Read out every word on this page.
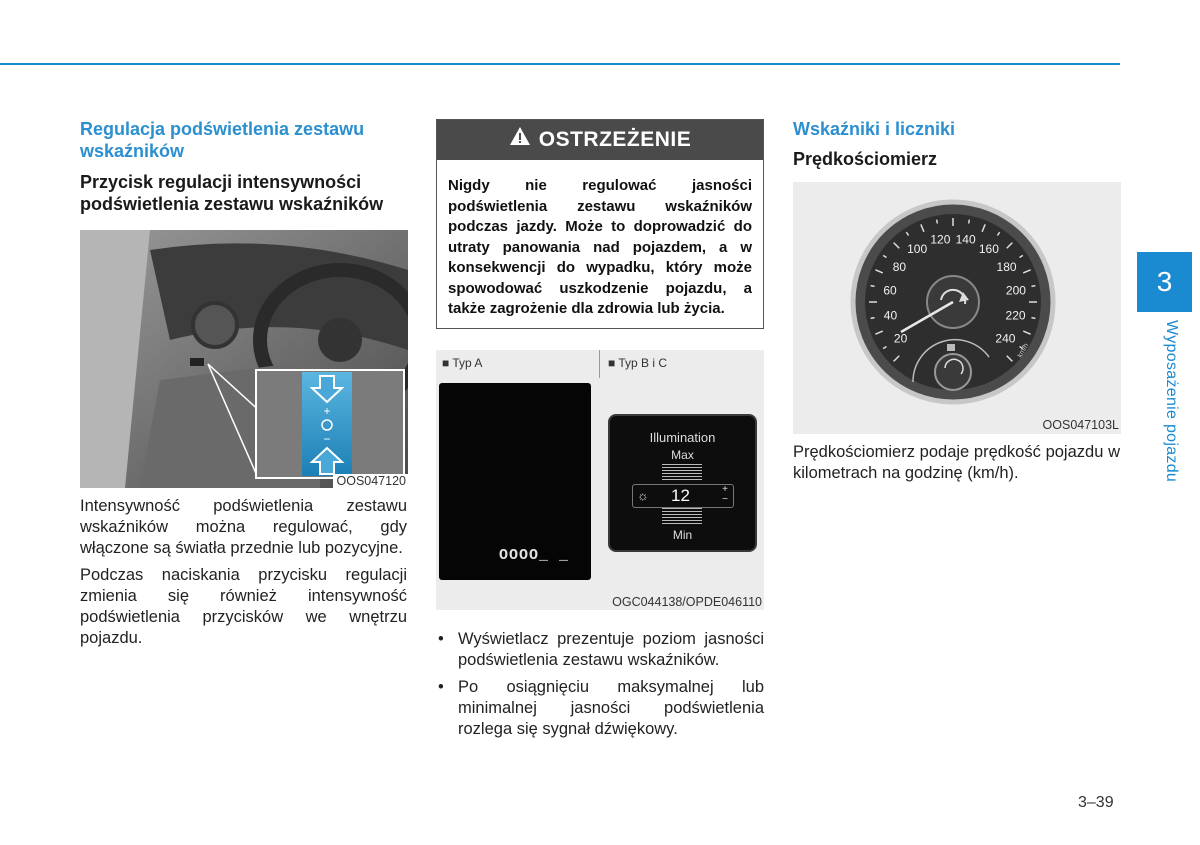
Regulacja podświetlenia zestawu wskaźników
Przycisk regulacji intensywności podświetlenia zestawu wskaźników
+
−
OOS047120
Intensywność podświetlenia zestawu wskaźników można regulować, gdy włączone są światła przednie lub pozycyjne.
Podczas naciskania przycisku regulacji zmienia się również intensywność podświetlenia przycisków we wnętrzu pojazdu.
OSTRZEŻENIE
Nigdy nie regulować jasności podświetlenia zestawu wskaźników podczas jazdy. Może to doprowadzić do utraty panowania nad pojazdem, a w konsekwencji do wypadku, który może spowodować uszkodzenie pojazdu, a także zagrożenie dla zdrowia lub życia.
■ Typ A	■ Typ B i C
OOOO_ _
Illumination
Max
☼ 12	+
−
Min
OGC044138/OPDE046110
• Wyświetlacz prezentuje poziom jasności podświetlenia zestawu wskaźników.
• Po osiągnięciu maksymalnej lub minimalnej jasności podświetlenia rozlega się sygnał dźwiękowy.
Wskaźniki i liczniki
Prędkościomierz
20
40
60
80
100
120 140
160
180
200
220
240
km/h
OOS047103L
Prędkościomierz podaje prędkość pojazdu w kilometrach na godzinę (km/h).
3
Wyposażenie pojazdu
3–39
